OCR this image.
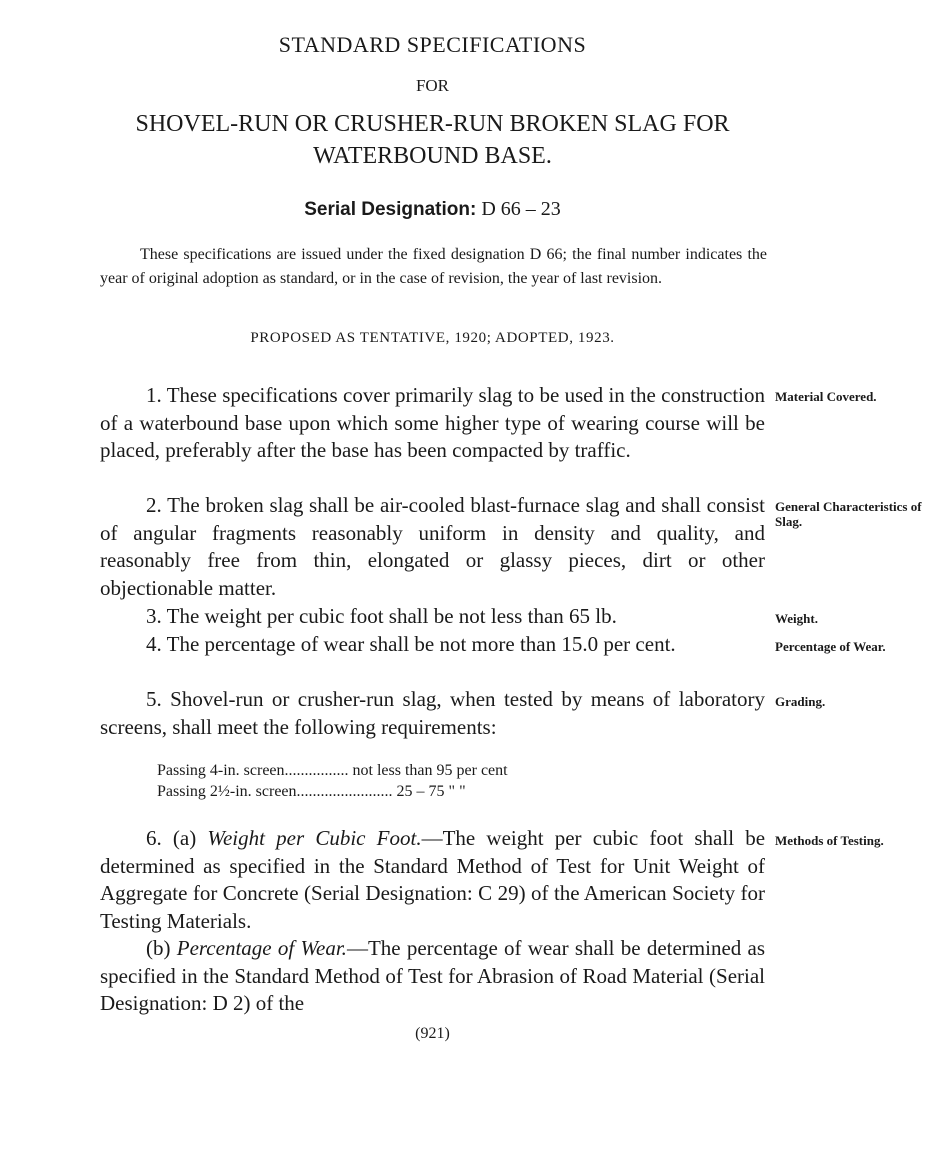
STANDARD SPECIFICATIONS
FOR
SHOVEL-RUN OR CRUSHER-RUN BROKEN SLAG FOR
WATERBOUND BASE.
Serial Designation: D 66 – 23

These specifications are issued under the fixed designation D 66; the final number indicates the year of original adoption as standard, or in the case of revision, the year of last revision.

PROPOSED AS TENTATIVE, 1920; ADOPTED, 1923.

1. These specifications cover primarily slag to be used in the construction of a waterbound base upon which some higher type of wearing course will be placed, preferably after the base has been compacted by traffic.

Material Covered.

2. The broken slag shall be air-cooled blast-furnace slag and shall consist of angular fragments reasonably uniform in density and quality, and reasonably free from thin, elongated or glassy pieces, dirt or other objectionable matter.

General Characteristics of Slag.

3. The weight per cubic foot shall be not less than 65 lb.	Weight.

4. The percentage of wear shall be not more than 15.0 per cent.	Percentage of Wear.

5. Shovel-run or crusher-run slag, when tested by means of laboratory screens, shall meet the following requirements:

Grading.
Passing 4-in. screen................ not less than 95 per cent
Passing 2½-in. screen........................ 25 – 75 " "

6. (a) Weight per Cubic Foot.—The weight per cubic foot shall be determined as specified in the Standard Method of Test for Unit Weight of Aggregate for Concrete (Serial Designation: C 29) of the American Society for Testing Materials.

(b) Percentage of Wear.—The percentage of wear shall be determined as specified in the Standard Method of Test for Abrasion of Road Material (Serial Designation: D 2) of the

Methods of Testing.
(921)
